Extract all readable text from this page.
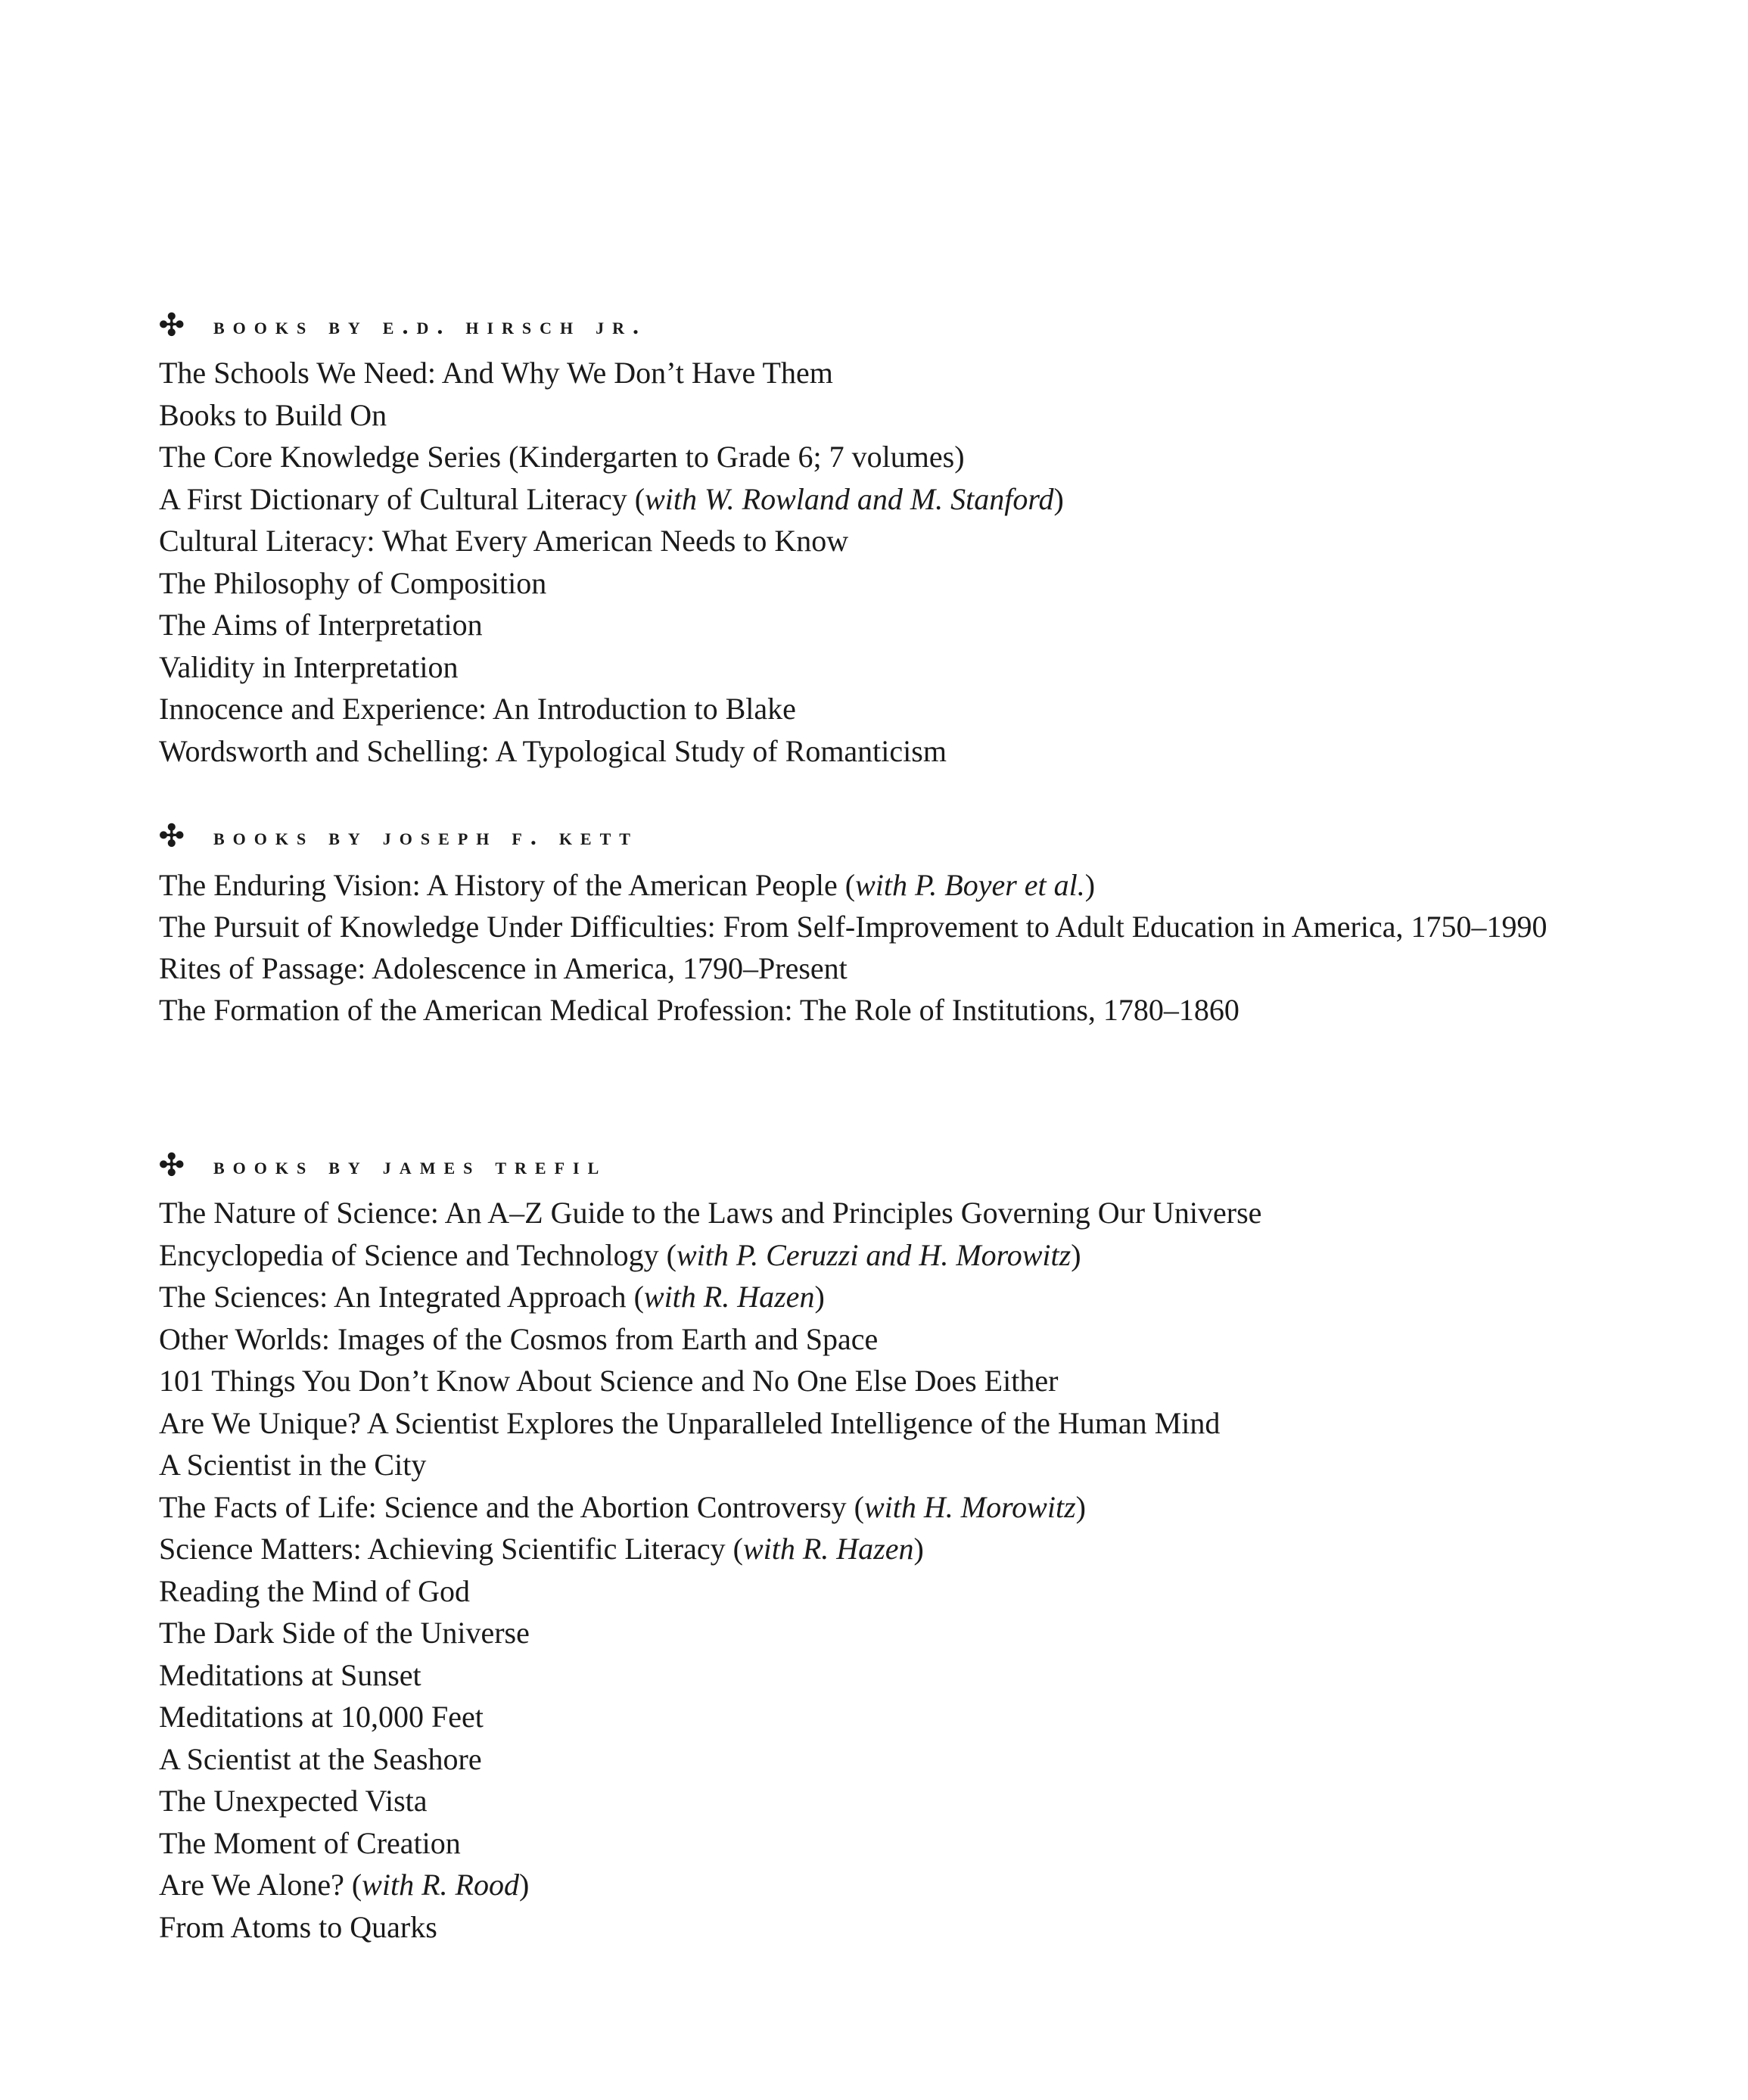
✣	books by e.d. hirsch jr.
The Schools We Need: And Why We Don’t Have Them
Books to Build On
The Core Knowledge Series (Kindergarten to Grade 6; 7 volumes)
A First Dictionary of Cultural Literacy (with W. Rowland and M. Stanford)
Cultural Literacy: What Every American Needs to Know
The Philosophy of Composition
The Aims of Interpretation
Validity in Interpretation
Innocence and Experience: An Introduction to Blake
Wordsworth and Schelling: A Typological Study of Romanticism
✣	books by joseph f. kett
The Enduring Vision: A History of the American People (with P. Boyer et al.)
The Pursuit of Knowledge Under Difficulties: From Self-Improvement to Adult Education in America, 1750–1990
Rites of Passage: Adolescence in America, 1790–Present
The Formation of the American Medical Profession: The Role of Institutions, 1780–1860
✣	books by james trefil
The Nature of Science: An A–Z Guide to the Laws and Principles Governing Our Universe
Encyclopedia of Science and Technology (with P. Ceruzzi and H. Morowitz)
The Sciences: An Integrated Approach (with R. Hazen)
Other Worlds: Images of the Cosmos from Earth and Space
101 Things You Don’t Know About Science and No One Else Does Either
Are We Unique? A Scientist Explores the Unparalleled Intelligence of the Human Mind
A Scientist in the City
The Facts of Life: Science and the Abortion Controversy (with H. Morowitz)
Science Matters: Achieving Scientific Literacy (with R. Hazen)
Reading the Mind of God
The Dark Side of the Universe
Meditations at Sunset
Meditations at 10,000 Feet
A Scientist at the Seashore
The Unexpected Vista
The Moment of Creation
Are We Alone? (with R. Rood)
From Atoms to Quarks
